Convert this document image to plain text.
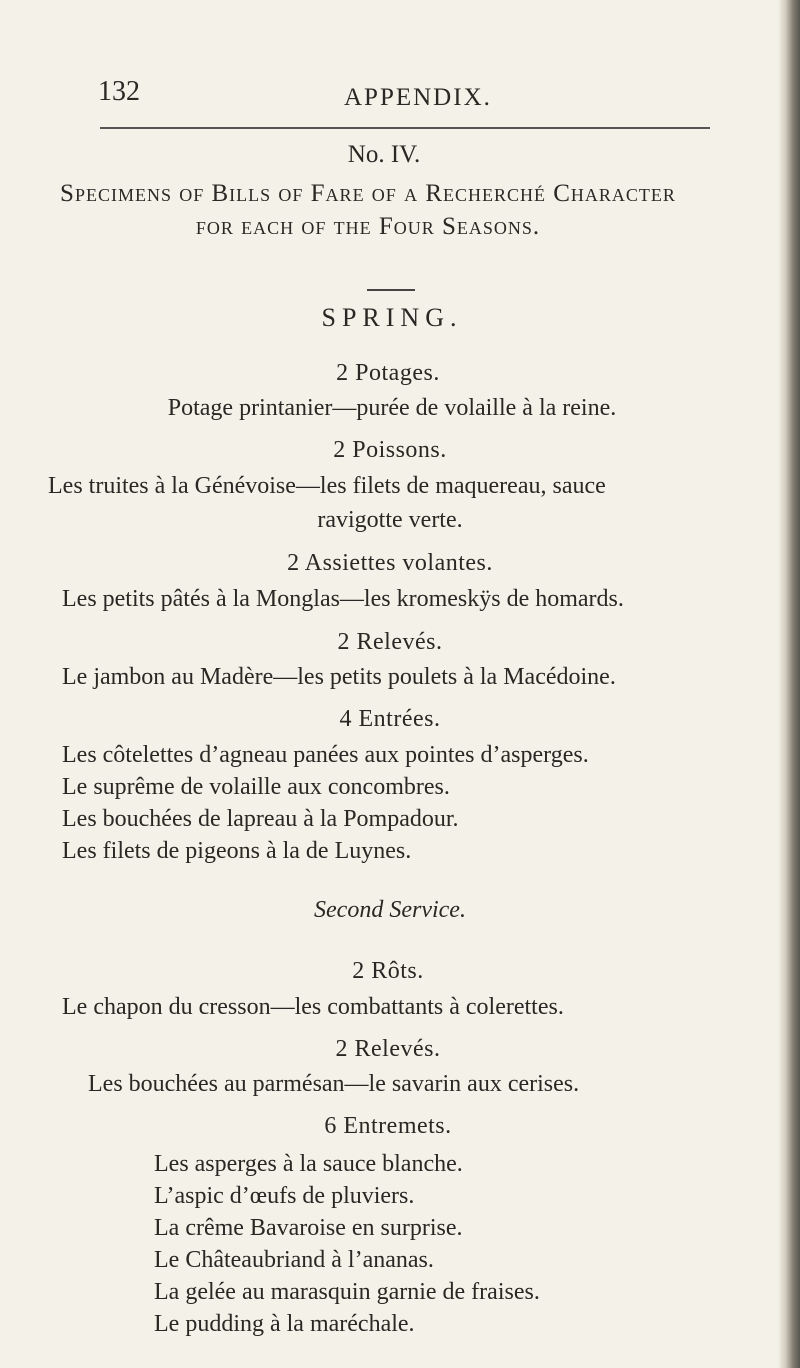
132	APPENDIX.
No. IV.
Specimens of Bills of Fare of a Recherché Character
for each of the Four Seasons.
SPRING.
2 Potages.
Potage printanier—purée de volaille à la reine.
2 Poissons.
Les truites à la Génévoise—les filets de maquereau, sauce
ravigotte verte.
2 Assiettes volantes.
Les petits pâtés à la Monglas—les kromeskÿs de homards.
2 Relevés.
Le jambon au Madère—les petits poulets à la Macédoine.
4 Entrées.
Les côtelettes d’agneau panées aux pointes d’asperges.
Le suprême de volaille aux concombres.
Les bouchées de lapreau à la Pompadour.
Les filets de pigeons à la de Luynes.
Second Service.
2 Rôts.
Le chapon du cresson—les combattants à colerettes.
2 Relevés.
Les bouchées au parmésan—le savarin aux cerises.
6 Entremets.
Les asperges à la sauce blanche.
L’aspic d’œufs de pluviers.
La crême Bavaroise en surprise.
Le Châteaubriand à l’ananas.
La gelée au marasquin garnie de fraises.
Le pudding à la maréchale.
